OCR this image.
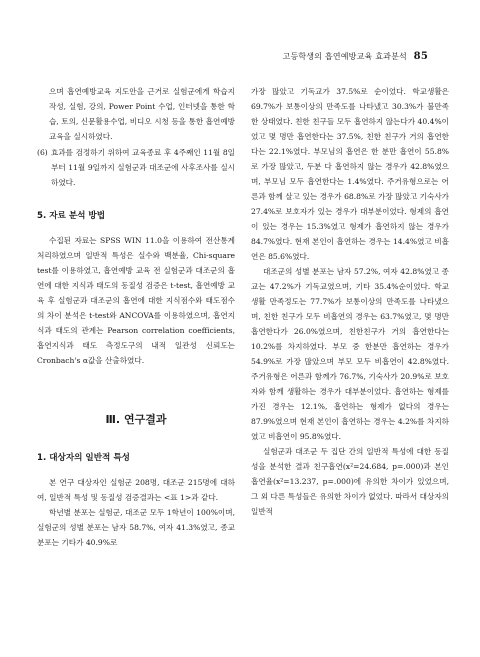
고등학생의 흡연예방교육 효과분석 85

으며 흡연예방교육 지도안을 근거로 실험군에게 학습지 작성, 실험, 강의, Power Point 수업, 인터넷을 통한 학습, 토의, 신문활용수업, 비디오 시청 등을 통한 흡연예방 교육을 실시하였다.

(6) 효과를 검정하기 위하여 교육종료 후 4주째인 11월 8일부터 11월 9일까지 실험군과 대조군에 사후조사를 실시하였다.
5. 자료 분석 방법

수집된 자료는 SPSS WIN 11.0을 이용하여 전산통계 처리하였으며 일반적 특성은 실수와 백분율, Chi-square test를 이용하였고, 흡연예방 교육 전 실험군과 대조군의 흡연에 대한 지식과 태도의 동질성 검증은 t-test, 흡연예방 교육 후 실험군과 대조군의 흡연에 대한 지식점수와 태도점수의 차이 분석은 t-test와 ANCOVA를 이용하였으며, 흡연지식과 태도의 관계는 Pearson correlation coefficients, 흡연지식과 태도 측정도구의 내적 일관성 신뢰도는 Cronbach's α값을 산출하였다.

Ⅲ. 연구결과
1. 대상자의 일반적 특성

본 연구 대상자인 실험군 208명, 대조군 215명에 대하여, 일반적 특성 및 동질성 검증결과는 <표 1>과 같다.

학년별 분포는 실험군, 대조군 모두 1학년이 100%이며, 실험군의 성별 분포는 남자 58.7%, 여자 41.3%였고, 종교분포는 기타가 40.9%로

가장 많았고 기독교가 37.5%로 순이었다. 학교생활은 69.7%가 보통이상의 만족도를 나타냈고 30.3%가 불만족한 상태였다. 친한 친구들 모두 흡연하지 않는다가 40.4%이었고 몇 명만 흡연한다는 37.5%, 친한 친구가 거의 흡연한다는 22.1%였다. 부모님의 흡연은 한 분만 흡연이 55.8%로 가장 많았고, 두분 다 흡연하지 않는 경우가 42.8%였으며, 부모님 모두 흡연한다는 1.4%였다. 주거유형으로는 어른과 함께 살고 있는 경우가 68.8%로 가장 많았고 기숙사가 27.4%로 보호자가 있는 경우가 대부분이었다. 형제의 흡연이 있는 경우는 15.3%였고 형제가 흡연하지 않는 경우가 84.7%였다. 현재 본인이 흡연하는 경우는 14.4%였고 비흡연은 85.6%였다.

대조군의 성별 분포는 남자 57.2%, 여자 42.8%였고 종교는 47.2%가 기독교였으며, 기타 35.4%순이었다. 학교 생활 만족정도는 77.7%가 보통이상의 만족도를 나타냈으며, 친한 친구가 모두 비흡연의 경우는 63.7%였고, 몇 명만 흡연한다가 26.0%였으며, 친한친구가 거의 흡연한다는 10.2%를 차지하였다. 부모 중 한분만 흡연하는 경우가 54.9%로 가장 많았으며 부모 모두 비흡연이 42.8%였다. 주거유형은 어른과 함께가 76.7%, 기숙사가 20.9%로 보호자와 함께 생활하는 경우가 대부분이었다. 흡연하는 형제를 가진 경우는 12.1%, 흡연하는 형제가 없다의 경우는 87.9%였으며 현재 본인이 흡연하는 경우는 4.2%를 차지하였고 비흡연이 95.8%였다.

실험군과 대조군 두 집단 간의 일반적 특성에 대한 동질성을 분석한 결과 친구흡연(x²=24.684, p=.000)과 본인 흡연율(x²=13.237, p=.000)에 유의한 차이가 있었으며, 그 외 다른 특성들은 유의한 차이가 없었다. 따라서 대상자의 일반적
